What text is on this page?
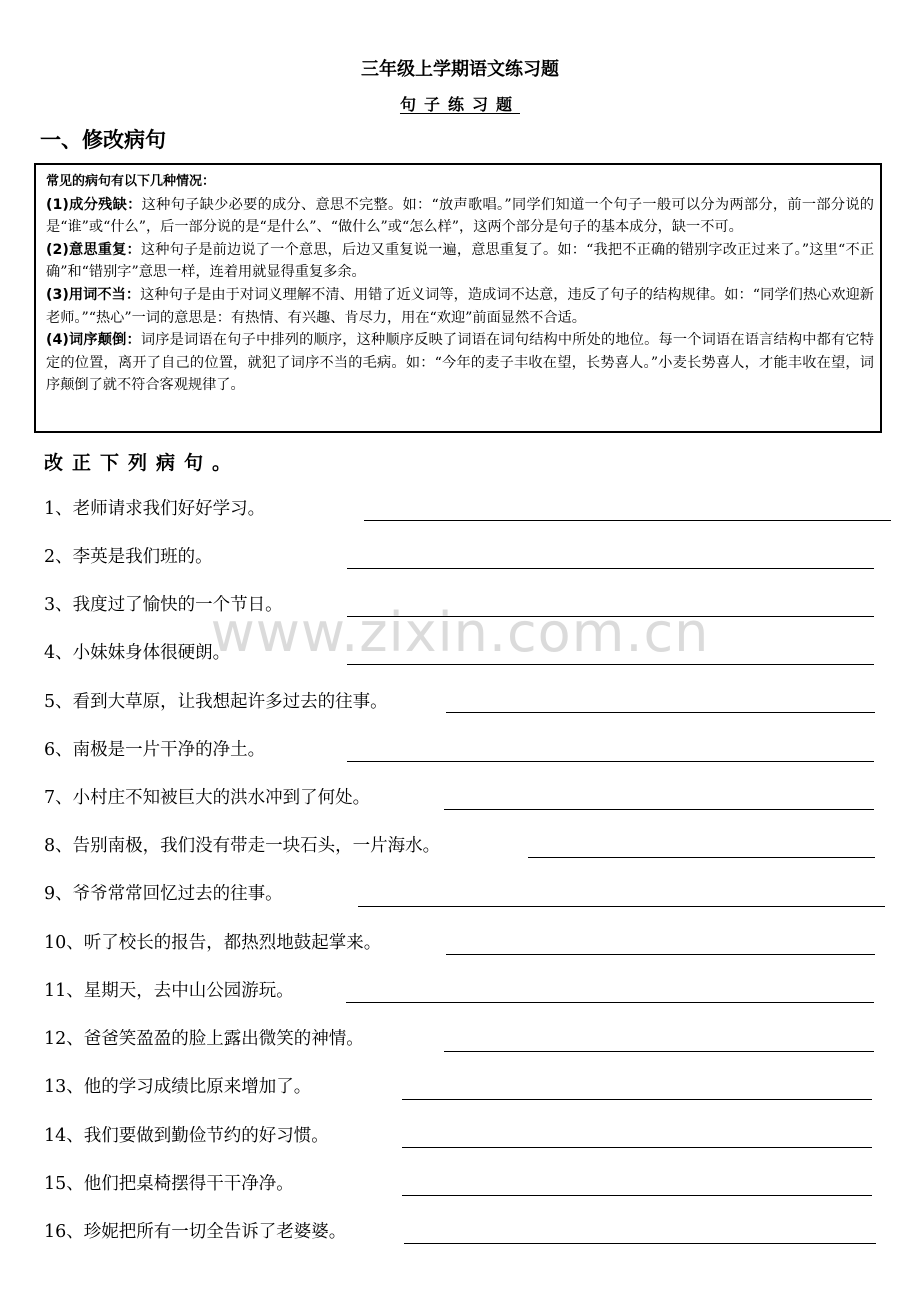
三年级上学期语文练习题
句子练习题
一、修改病句

常见的病句有以下几种情况：

(1)成分残缺：这种句子缺少必要的成分、意思不完整。如：“放声歌唱。”同学们知道一个句子一般可以分为两部分，前一部分说的是“谁”或“什么”，后一部分说的是“是什么”、“做什么”或“怎么样”，这两个部分是句子的基本成分，缺一不可。

(2)意思重复：这种句子是前边说了一个意思，后边又重复说一遍，意思重复了。如：“我把不正确的错别字改正过来了。”这里“不正确”和“错别字”意思一样，连着用就显得重复多余。

(3)用词不当：这种句子是由于对词义理解不清、用错了近义词等，造成词不达意，违反了句子的结构规律。如：“同学们热心欢迎新老师。”“热心”一词的意思是：有热情、有兴趣、肯尽力，用在“欢迎”前面显然不合适。

(4)词序颠倒：词序是词语在句子中排列的顺序，这种顺序反映了词语在词句结构中所处的地位。每一个词语在语言结构中都有它特定的位置，离开了自己的位置，就犯了词序不当的毛病。如：“今年的麦子丰收在望，长势喜人。”小麦长势喜人，才能丰收在望，词序颠倒了就不符合客观规律了。

改正下列病句。
www.zixin.com.cn
1、老师请求我们好好学习。
2、李英是我们班的。
3、我度过了愉快的一个节日。
4、小妹妹身体很硬朗。
5、看到大草原，让我想起许多过去的往事。
6、南极是一片干净的净土。
7、小村庄不知被巨大的洪水冲到了何处。
8、告别南极，我们没有带走一块石头，一片海水。
9、爷爷常常回忆过去的往事。
10、听了校长的报告，都热烈地鼓起掌来。
11、星期天，去中山公园游玩。
12、爸爸笑盈盈的脸上露出微笑的神情。
13、他的学习成绩比原来增加了。
14、我们要做到勤俭节约的好习惯。
15、他们把桌椅摆得干干净净。
16、珍妮把所有一切全告诉了老婆婆。
